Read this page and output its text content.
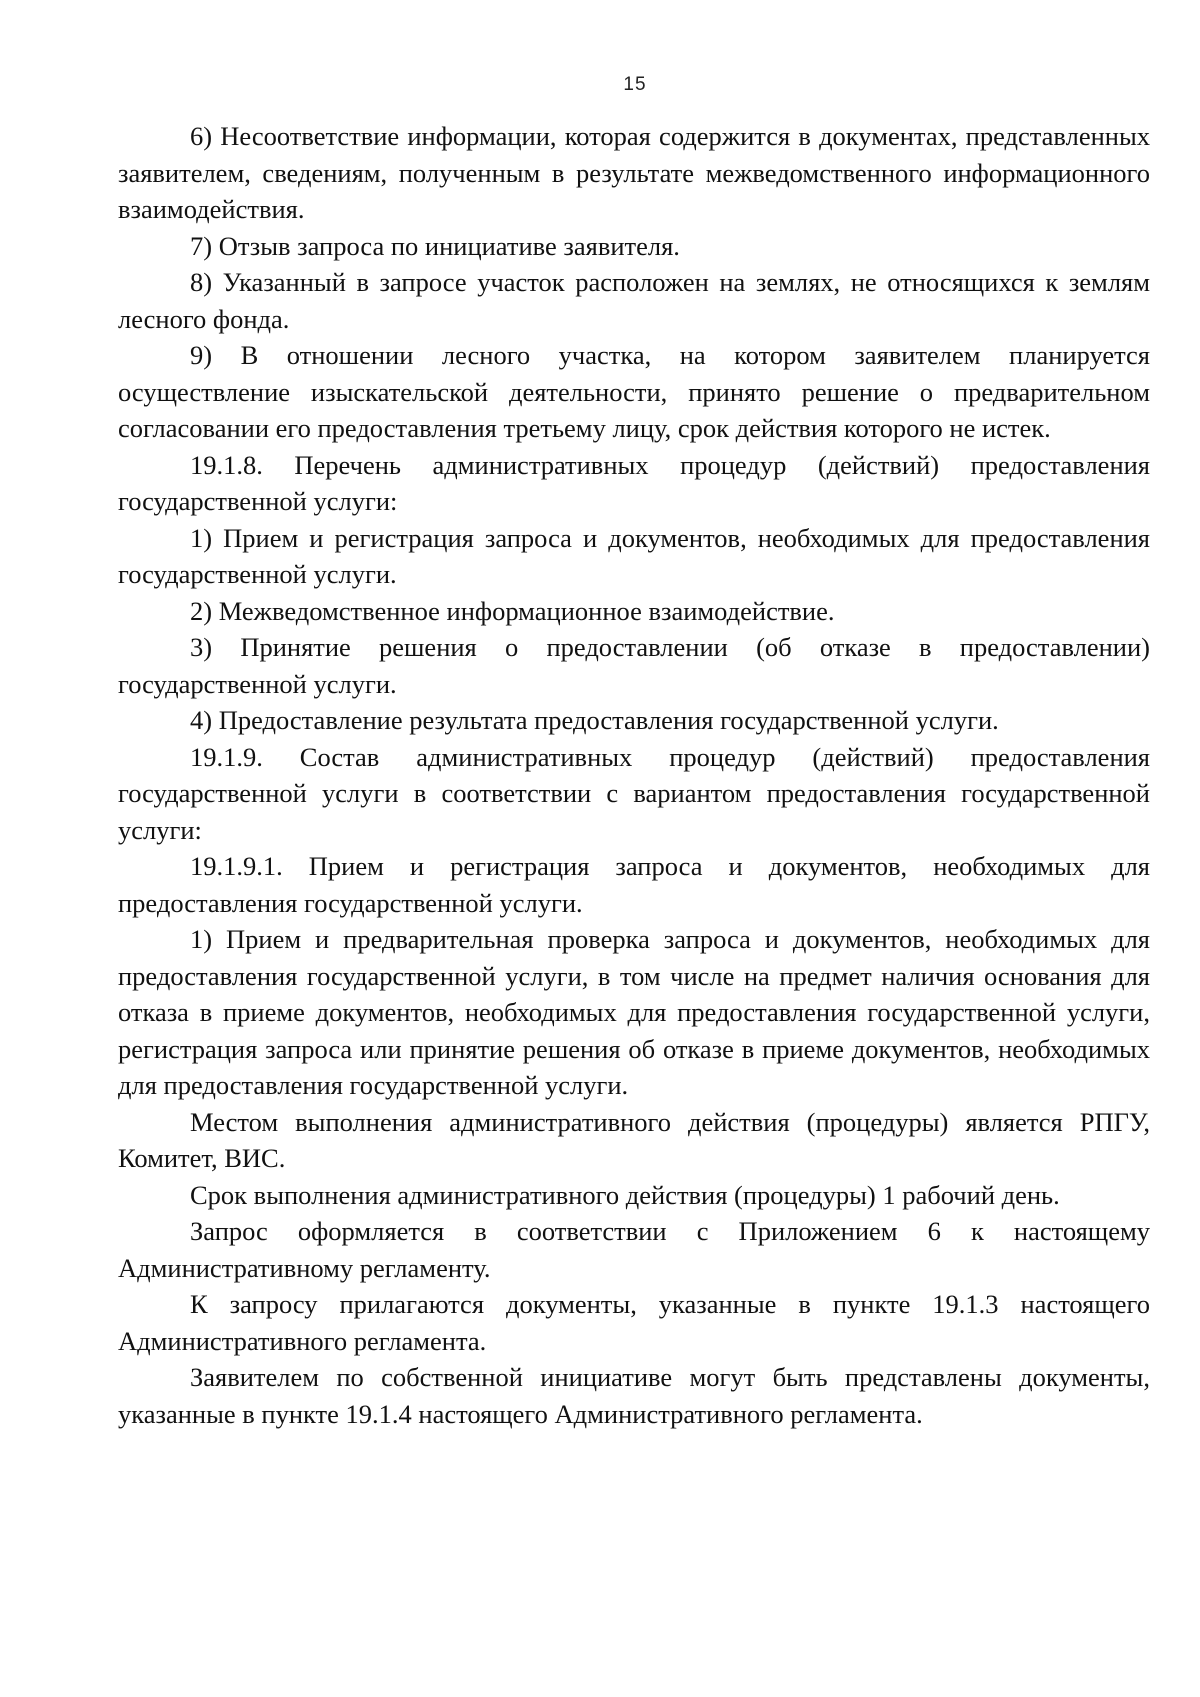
15

6) Несоответствие информации, которая содержится в документах, представленных заявителем, сведениям, полученным в результате межведомственного информационного взаимодействия.

7) Отзыв запроса по инициативе заявителя.

8) Указанный в запросе участок расположен на землях, не относящихся к землям лесного фонда.

9) В отношении лесного участка, на котором заявителем планируется осуществление изыскательской деятельности, принято решение о предварительном согласовании его предоставления третьему лицу, срок действия которого не истек.

19.1.8. Перечень административных процедур (действий) предоставления государственной услуги:

1) Прием и регистрация запроса и документов, необходимых для предоставления государственной услуги.

2) Межведомственное информационное взаимодействие.

3) Принятие решения о предоставлении (об отказе в предоставлении) государственной услуги.

4) Предоставление результата предоставления государственной услуги.

19.1.9. Состав административных процедур (действий) предоставления государственной услуги в соответствии с вариантом предоставления государственной услуги:

19.1.9.1. Прием и регистрация запроса и документов, необходимых для предоставления государственной услуги.

1) Прием и предварительная проверка запроса и документов, необходимых для предоставления государственной услуги, в том числе на предмет наличия основания для отказа в приеме документов, необходимых для предоставления государственной услуги, регистрация запроса или принятие решения об отказе в приеме документов, необходимых для предоставления государственной услуги.

Местом выполнения административного действия (процедуры) является РПГУ, Комитет, ВИС.

Срок выполнения административного действия (процедуры) 1 рабочий день.

Запрос оформляется в соответствии с Приложением 6 к настоящему Административному регламенту.

К запросу прилагаются документы, указанные в пункте 19.1.3 настоящего Административного регламента.

Заявителем по собственной инициативе могут быть представлены документы, указанные в пункте 19.1.4 настоящего Административного регламента.
